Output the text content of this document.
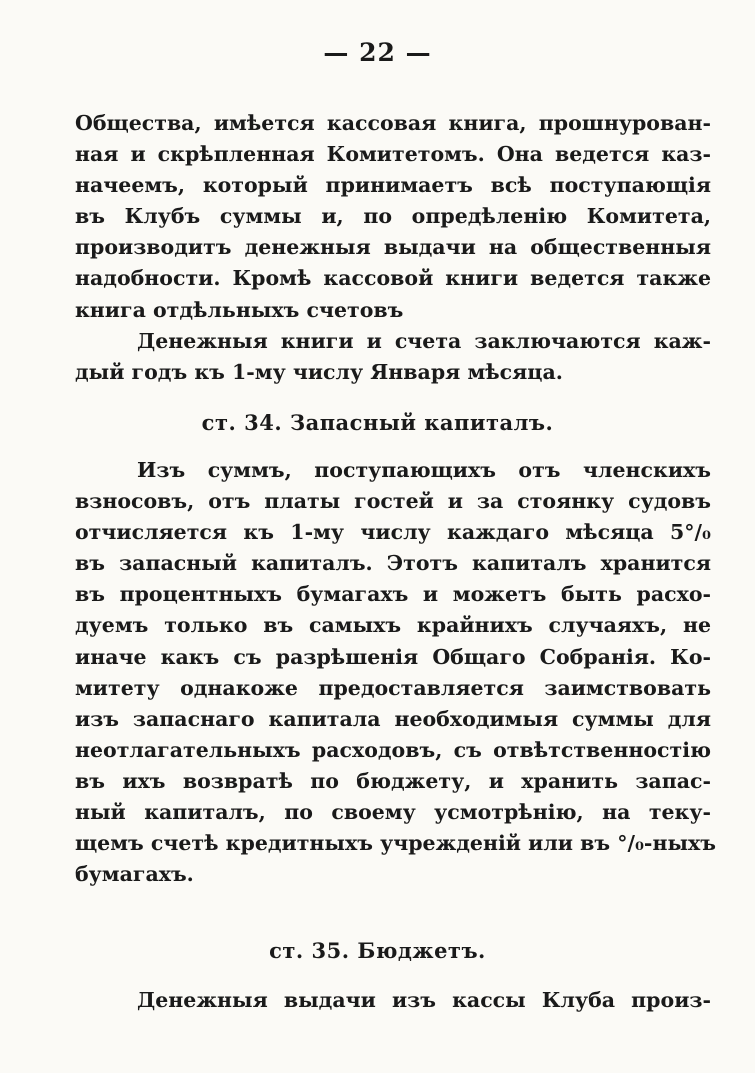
— 22 —
Общества, имѣется кассовая книга, прошнурован-
ная и скрѣпленная Комитетомъ. Она ведется каз-
начеемъ, который принимаетъ всѣ поступающія
въ Клубъ суммы и, по опредѣленію Комитета,
производитъ денежныя выдачи на общественныя
надобности. Кромѣ кассовой книги ведется также
книга отдѣльныхъ счетовъ
Денежныя книги и счета заключаются каж-
дый годъ къ 1-му числу Января мѣсяца.
ст. 34. Запасный капиталъ.
Изъ суммъ, поступающихъ отъ членскихъ
взносовъ, отъ платы гостей и за стоянку судовъ
отчисляется къ 1-му числу каждаго мѣсяца 5°/₀
въ запасный капиталъ. Этотъ капиталъ хранится
въ процентныхъ бумагахъ и можетъ быть расхо-
дуемъ только въ самыхъ крайнихъ случаяхъ, не
иначе какъ съ разрѣшенія Общаго Собранія. Ко-
митету однакоже предоставляется заимствовать
изъ запаснаго капитала необходимыя суммы для
неотлагательныхъ расходовъ, съ отвѣтственностію
въ ихъ возвратѣ по бюджету, и хранить запас-
ный капиталъ, по своему усмотрѣнію, на теку-
щемъ счетѣ кредитныхъ учрежденій или въ °/₀-ныхъ
бумагахъ.
ст. 35. Бюджетъ.
Денежныя выдачи изъ кассы Клуба произ-
